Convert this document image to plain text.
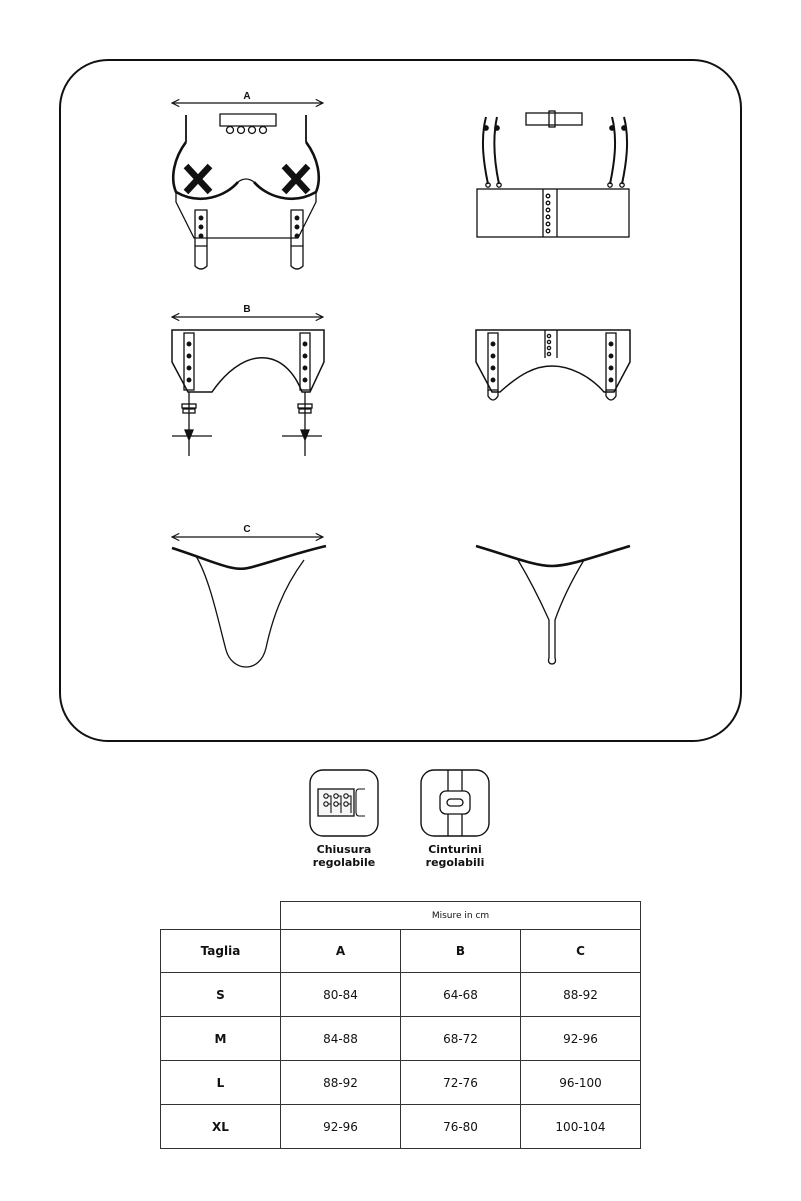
A
B
C
Chiusura
regolabile
Cinturini
regolabili
	Misure in cm		
Taglia	A	B	C
S	80-84	64-68	88-92
M	84-88	68-72	92-96
L	88-92	72-76	96-100
XL	92-96	76-80	100-104
